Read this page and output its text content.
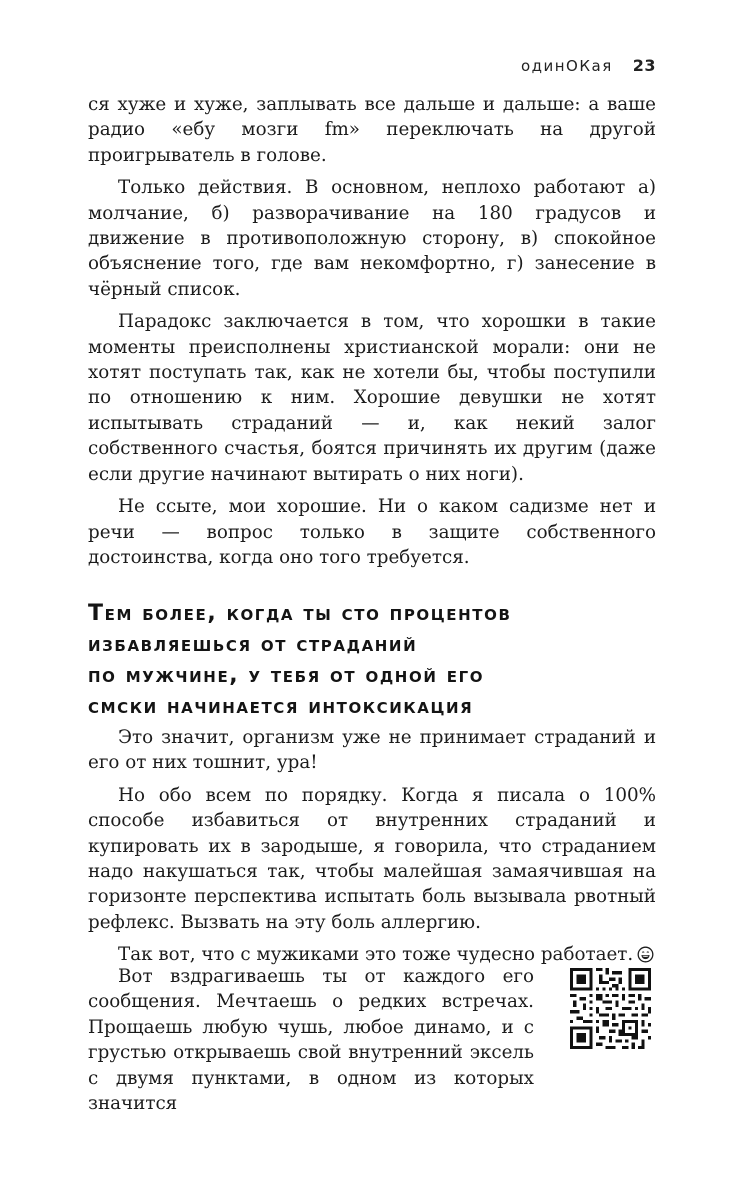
одинОКая 23

ся хуже и хуже, заплывать все дальше и дальше: а ваше радио «ебу мозги fm» переключать на другой проигрыватель в голове.

Только действия. В основном, неплохо работают а) молчание, б) разворачивание на 180 градусов и движение в противоположную сторону, в) спокойное объяснение того, где вам некомфортно, г) занесение в чёрный список.

Парадокс заключается в том, что хорошки в такие моменты преисполнены христианской морали: они не хотят поступать так, как не хотели бы, чтобы поступили по отношению к ним. Хорошие девушки не хотят испытывать страданий — и, как некий залог собственного счастья, боятся причинять их другим (даже если другие начинают вытирать о них ноги).

Не ссыте, мои хорошие. Ни о каком садизме нет и речи — вопрос только в защите собственного достоинства, когда оно того требуется.

Тем более, когда ты сто процентов
избавляешься от страданий
по мужчине, у тебя от одной его
смски начинается интоксикация

Это значит, организм уже не принимает страданий и его от них тошнит, ура!

Но обо всем по порядку. Когда я писала о 100% способе избавиться от внутренних страданий и купировать их в зародыше, я говорила, что страданием надо накушаться так, чтобы малейшая замаячившая на горизонте перспектива испытать боль вызывала рвотный рефлекс. Вызвать на эту боль аллергию.

Так вот, что с мужиками это тоже чудесно работает.

Вот вздрагиваешь ты от каждого его сообщения. Мечтаешь о редких встречах. Прощаешь любую чушь, любое динамо, и с грустью открываешь свой внутренний эксель с двумя пунктами, в одном из которых значится
